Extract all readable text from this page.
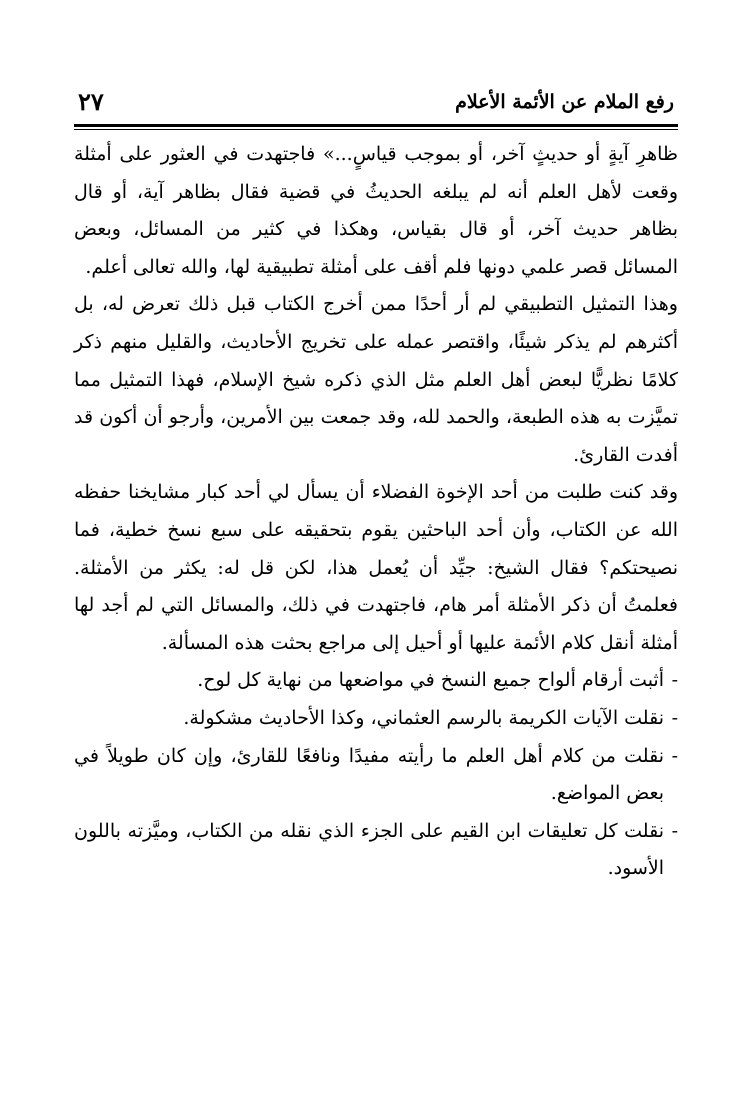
رفع الملام عن الأئمة الأعلام
٢٧

ظاهرِ آيةٍ أو حديثٍ آخر، أو بموجب قياسٍ...» فاجتهدت في العثور على أمثلة وقعت لأهل العلم أنه لم يبلغه الحديثُ في قضية فقال بظاهر آية، أو قال بظاهر حديث آخر، أو قال بقياس، وهكذا في كثير من المسائل، وبعض المسائل قصر علمي دونها فلم أقف على أمثلة تطبيقية لها، والله تعالى أعلم.

وهذا التمثيل التطبيقي لم أر أحدًا ممن أخرج الكتاب قبل ذلك تعرض له، بل أكثرهم لم يذكر شيئًا، واقتصر عمله على تخريج الأحاديث، والقليل منهم ذكر كلامًا نظريًّا لبعض أهل العلم مثل الذي ذكره شيخ الإسلام، فهذا التمثيل مما تميَّزت به هذه الطبعة، والحمد لله، وقد جمعت بين الأمرين، وأرجو أن أكون قد أفدت القارئ.

وقد كنت طلبت من أحد الإخوة الفضلاء أن يسأل لي أحد كبار مشايخنا حفظه الله عن الكتاب، وأن أحد الباحثين يقوم بتحقيقه على سبع نسخ خطية، فما نصيحتكم؟ فقال الشيخ: جيِّد أن يُعمل هذا، لكن قل له: يكثر من الأمثلة. فعلمتُ أن ذكر الأمثلة أمر هام، فاجتهدت في ذلك، والمسائل التي لم أجد لها أمثلة أنقل كلام الأئمة عليها أو أحيل إلى مراجع بحثت هذه المسألة.

-
أثبت أرقام ألواح جميع النسخ في مواضعها من نهاية كل لوح.
-
نقلت الآيات الكريمة بالرسم العثماني، وكذا الأحاديث مشكولة.
-
نقلت من كلام أهل العلم ما رأيته مفيدًا ونافعًا للقارئ، وإن كان طويلاً في بعض المواضع.
-
نقلت كل تعليقات ابن القيم على الجزء الذي نقله من الكتاب، وميَّزته باللون الأسود.
